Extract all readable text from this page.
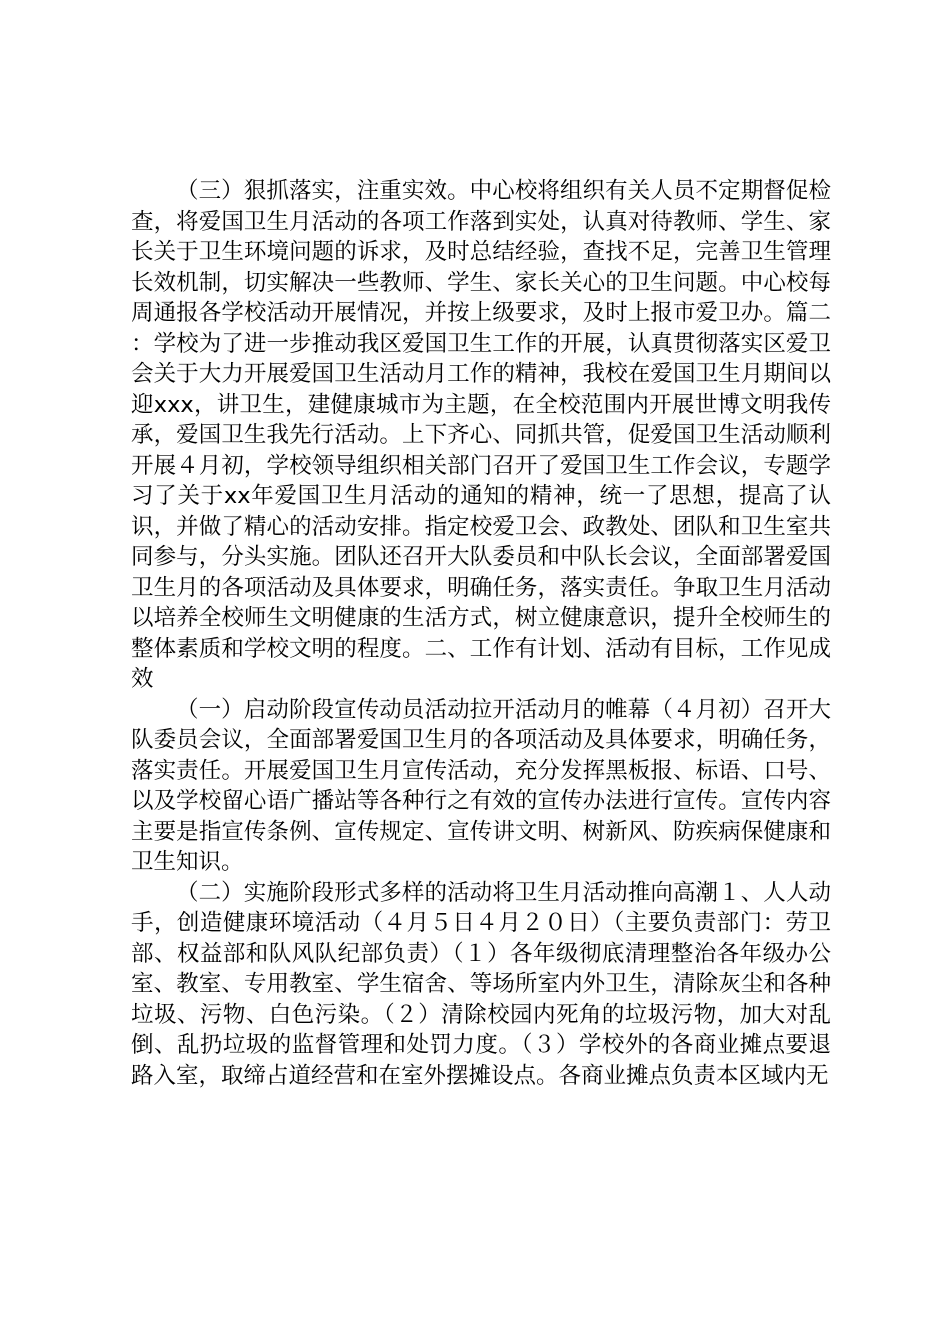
（三）狠抓落实，注重实效。中心校将组织有关人员不定期督促检查，将爱国卫生月活动的各项工作落到实处，认真对待教师、学生、家长关于卫生环境问题的诉求，及时总结经验，查找不足，完善卫生管理长效机制，切实解决一些教师、学生、家长关心的卫生问题。中心校每周通报各学校活动开展情况，并按上级要求，及时上报市爱卫办。篇二：学校为了进一步推动我区爱国卫生工作的开展，认真贯彻落实区爱卫会关于大力开展爱国卫生活动月工作的精神，我校在爱国卫生月期间以迎xxx，讲卫生，建健康城市为主题，在全校范围内开展世博文明我传承，爱国卫生我先行活动。上下齐心、同抓共管，促爱国卫生活动顺利开展４月初，学校领导组织相关部门召开了爱国卫生工作会议，专题学习了关于xx年爱国卫生月活动的通知的精神，统一了思想，提高了认识，并做了精心的活动安排。指定校爱卫会、政教处、团队和卫生室共同参与，分头实施。团队还召开大队委员和中队长会议，全面部署爱国卫生月的各项活动及具体要求，明确任务，落实责任。争取卫生月活动以培养全校师生文明健康的生活方式，树立健康意识，提升全校师生的整体素质和学校文明的程度。二、工作有计划、活动有目标，工作见成效

（一）启动阶段宣传动员活动拉开活动月的帷幕（４月初）召开大队委员会议，全面部署爱国卫生月的各项活动及具体要求，明确任务，落实责任。开展爱国卫生月宣传活动，充分发挥黑板报、标语、口号、以及学校留心语广播站等各种行之有效的宣传办法进行宣传。宣传内容主要是指宣传条例、宣传规定、宣传讲文明、树新风、防疾病保健康和卫生知识。

（二）实施阶段形式多样的活动将卫生月活动推向高潮１、人人动手，创造健康环境活动（４月５日４月２０日）（主要负责部门：劳卫部、权益部和队风队纪部负责）（１）各年级彻底清理整治各年级办公室、教室、专用教室、学生宿舍、等场所室内外卫生，清除灰尘和各种垃圾、污物、白色污染。（２）清除校园内死角的垃圾污物，加大对乱倒、乱扔垃圾的监督管理和处罚力度。（３）学校外的各商业摊点要退路入室，取缔占道经营和在室外摆摊设点。各商业摊点负责本区域内无
